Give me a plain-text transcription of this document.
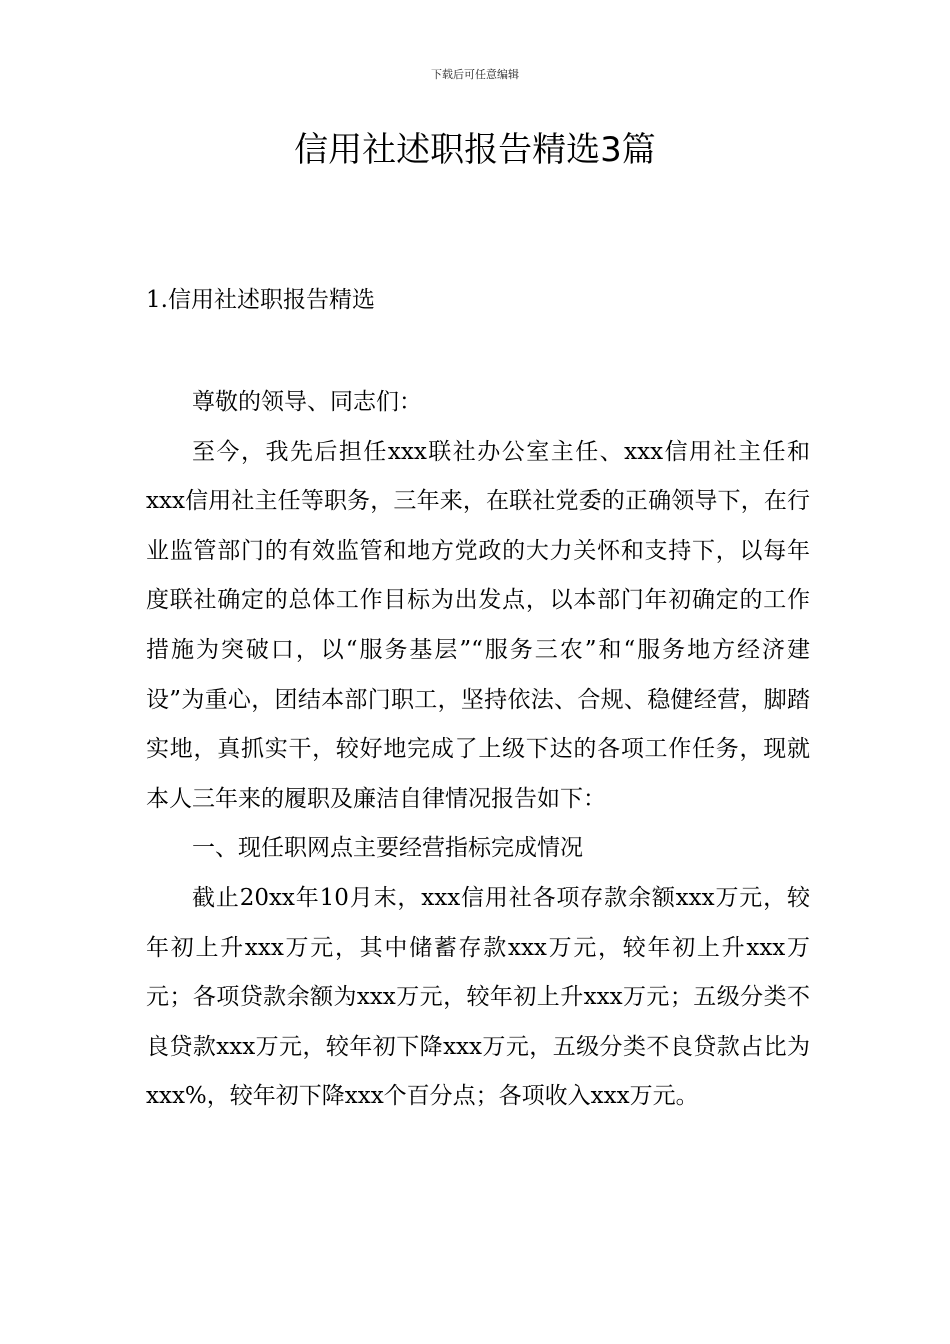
下载后可任意编辑
信用社述职报告精选3篇
1.信用社述职报告精选

尊敬的领导、同志们：

至今，我先后担任xxx联社办公室主任、xxx信用社主任和xxx信用社主任等职务，三年来，在联社党委的正确领导下，在行业监管部门的有效监管和地方党政的大力关怀和支持下，以每年度联社确定的总体工作目标为出发点，以本部门年初确定的工作措施为突破口，以“服务基层”“服务三农”和“服务地方经济建设”为重心，团结本部门职工，坚持依法、合规、稳健经营，脚踏实地，真抓实干，较好地完成了上级下达的各项工作任务，现就本人三年来的履职及廉洁自律情况报告如下：

一、现任职网点主要经营指标完成情况

截止20xx年10月末，xxx信用社各项存款余额xxx万元，较年初上升xxx万元，其中储蓄存款xxx万元，较年初上升xxx万元；各项贷款余额为xxx万元，较年初上升xxx万元；五级分类不良贷款xxx万元，较年初下降xxx万元，五级分类不良贷款占比为xxx%，较年初下降xxx个百分点；各项收入xxx万元。
